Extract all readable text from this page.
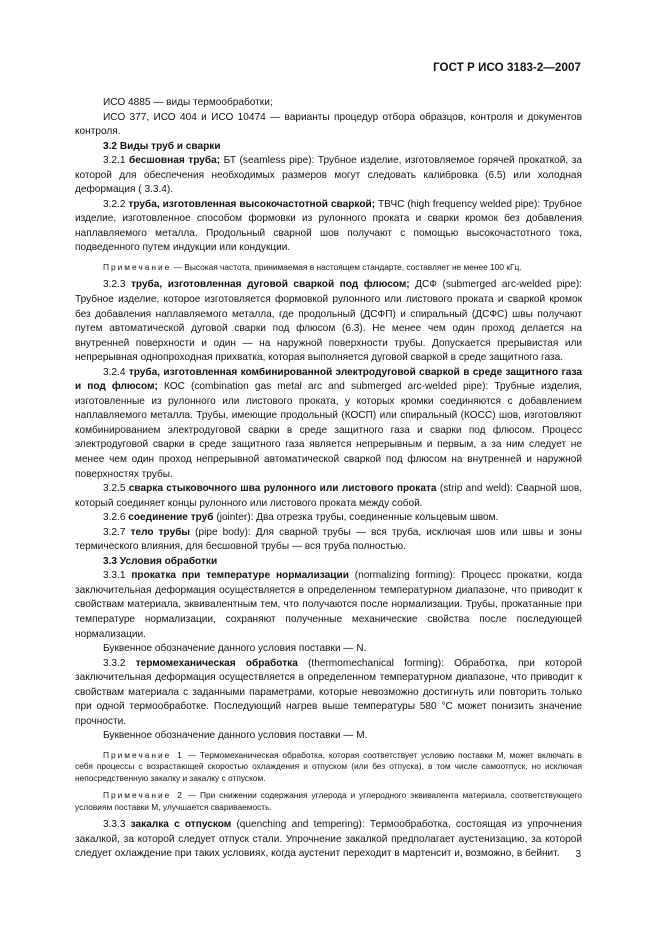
ГОСТ Р ИСО 3183-2—2007

ИСО 4885 — виды термообработки;

ИСО 377, ИСО 404 и ИСО 10474 — варианты процедур отбора образцов, контроля и документов контроля.

3.2 Виды труб и сварки

3.2.1 бесшовная труба; БТ (seamless pipe): Трубное изделие, изготовляемое горячей прокаткой, за которой для обеспечения необходимых размеров могут следовать калибровка (6.5) или холодная деформация ( 3.3.4).

3.2.2 труба, изготовленная высокочастотной сваркой; ТВЧС (high frequency welded pipe): Трубное изделие, изготовленное способом формовки из рулонного проката и сварки кромок без добавления наплавляемого металла. Продольный сварной шов получают с помощью высокочастотного тока, подведенного путем индукции или кондукции.

Примечание — Высокая частота, принимаемая в настоящем стандарте, составляет не менее 100 кГц.

3.2.3 труба, изготовленная дуговой сваркой под флюсом; ДСФ (submerged arc-welded pipe): Трубное изделие, которое изготовляется формовкой рулонного или листового проката и сваркой кромок без добавления наплавляемого металла, где продольный (ДСФП) и спиральный (ДСФС) швы получают путем автоматической дуговой сварки под флюсом (6.3). Не менее чем один проход делается на внутренней поверхности и один — на наружной поверхности трубы. Допускается прерывистая или непрерывная однопроходная прихватка, которая выполняется дуговой сваркой в среде защитного газа.

3.2.4 труба, изготовленная комбинированной электродуговой сваркой в среде защитного газа и под флюсом; КОС (combination gas metal arc and submerged arc-welded pipe): Трубные изделия, изготовленные из рулонного или листового проката, у которых кромки соединяются с добавлением наплавляемого металла. Трубы, имеющие продольный (КОСП) или спиральный (КОСС) шов, изготовляют комбинированием электродуговой сварки в среде защитного газа и сварки под флюсом. Процесс электродуговой сварки в среде защитного газа является непрерывным и первым, а за ним следует не менее чем один проход непрерывной автоматической сваркой под флюсом на внутренней и наружной поверхностях трубы.

3.2.5 сварка стыковочного шва рулонного или листового проката (strip and weld): Сварной шов, который соединяет концы рулонного или листового проката между собой.

3.2.6 соединение труб (jointer): Два отрезка трубы, соединенные кольцевым швом.

3.2.7 тело трубы (pipe body): Для сварной трубы — вся труба, исключая шов или швы и зоны термического влияния, для бесшовной трубы — вся труба полностью.

3.3 Условия обработки

3.3.1 прокатка при температуре нормализации (normalizing forming): Процесс прокатки, когда заключительная деформация осуществляется в определенном температурном диапазоне, что приводит к свойствам материала, эквивалентным тем, что получаются после нормализации. Трубы, прокатанные при температуре нормализации, сохраняют полученные механические свойства после последующей нормализации.

Буквенное обозначение данного условия поставки — N.

3.3.2 термомеханическая обработка (thermomechanical forming): Обработка, при которой заключительная деформация осуществляется в определенном температурном диапазоне, что приводит к свойствам материала с заданными параметрами, которые невозможно достигнуть или повторить только при одной термообработке. Последующий нагрев выше температуры 580 °С может понизить значение прочности.

Буквенное обозначение данного условия поставки — М.

Примечание 1 — Термомеханическая обработка, которая соответствует условию поставки М, может включать в себя процессы с возрастающей скоростью охлаждения и отпуском (или без отпуска), в том числе самоотпуск, но исключая непосредственную закалку и закалку с отпуском.

Примечание 2 — При снижении содержания углерода и углеродного эквивалента материала, соответствующего условиям поставки М, улучшается свариваемость.

3.3.3 закалка с отпуском (quenching and tempering): Термообработка, состоящая из упрочнения закалкой, за которой следует отпуск стали. Упрочнение закалкой предполагает аустенизацию, за которой следует охлаждение при таких условиях, когда аустенит переходит в мартенсит и, возможно, в бейнит.	3
